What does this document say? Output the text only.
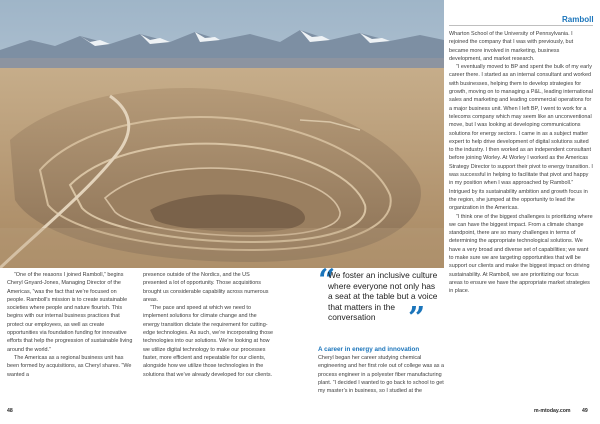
Ramboll

“One of the reasons I joined Ramboll,” begins Cheryl Gnyard-Jones, Managing Director of the Americas, “was the fact that we’re focused on people. Ramboll’s mission is to create sustainable societies where people and nature flourish. This begins with our internal business practices that protect our employees, as well as create opportunities via foundation funding for innovative efforts that help the progression of sustainable living around the world.”

The Americas as a regional business unit has been formed by acquisitions, as Cheryl shares. “We wanted a

presence outside of the Nordics, and the US presented a lot of opportunity. Those acquisitions brought us considerable capability across numerous areas.

“The pace and speed at which we need to implement solutions for climate change and the energy transition dictate the requirement for cutting-edge technologies. As such, we’re incorporating those technologies into our solutions. We’re looking at how we utilize digital technology to make our processes faster, more efficient and repeatable for our clients, alongside how we utilize those technologies in the solutions that we’ve already developed for our clients.

“
We foster an inclusive culture where everyone not only has a seat at the table but a voice that matters in the conversation	”
A career in energy and innovation

Cheryl began her career studying chemical engineering and her first role out of college was as a process engineer in a polyester fiber manufacturing plant. “I decided I wanted to go back to school to get my master’s in business, so I studied at the

Wharton School of the University of Pennsylvania. I rejoined the company that I was with previously, but became more involved in marketing, business development, and market research.

“I eventually moved to BP and spent the bulk of my early career there. I started as an internal consultant and worked with businesses, helping them to develop strategies for growth, moving on to managing a P&L, leading international sales and marketing and leading commercial operations for a major business unit. When I left BP, I went to work for a telecoms company which may seem like an unconventional move, but I was looking at developing communications solutions for energy sectors. I came in as a subject matter expert to help drive development of digital solutions suited to the industry. I then worked as an independent consultant before joining Worley. At Worley I worked as the Americas Strategy Director to support their pivot to energy transition. I was successful in helping to facilitate that pivot and happy in my position when I was approached by Ramboll.” Intrigued by its sustainability ambition and growth focus in the region, she jumped at the opportunity to lead the organization in the Americas.

“I think one of the biggest challenges is prioritizing where we can have the biggest impact. From a climate change standpoint, there are so many challenges in terms of determining the appropriate technological solutions. We have a very broad and diverse set of capabilities; we want to make sure we are targeting opportunities that will be support our clients and make the biggest impact on driving sustainability. At Ramboll, we are prioritizing our focus areas to ensure we have the appropriate market strategies in place.

48	m-mtoday.com 49
